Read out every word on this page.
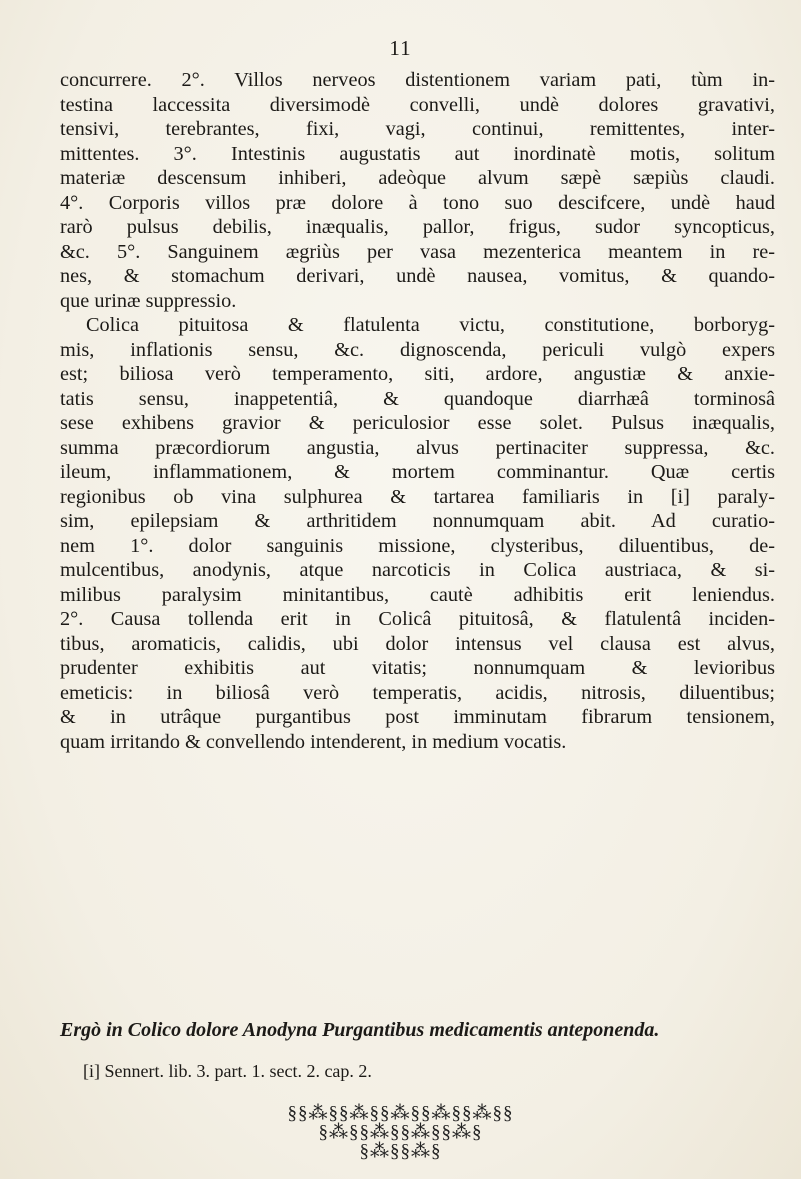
11
concurrere. 2°. Villos nerveos distentionem variam pati, tùm in-
testina laccessita diversimodè convelli, undè dolores gravativi,
tensivi, terebrantes, fixi, vagi, continui, remittentes, inter-
mittentes. 3°. Intestinis augustatis aut inordinatè motis, solitum
materiæ descensum inhiberi, adeòque alvum sæpè sæpiùs claudi.
4°. Corporis villos præ dolore à tono suo descifcere, undè haud
rarò pulsus debilis, inæqualis, pallor, frigus, sudor syncopticus,
&c. 5°. Sanguinem ægriùs per vasa mezenterica meantem in re-
nes, & stomachum derivari, undè nausea, vomitus, & quando-
que urinæ suppressio.
Colica pituitosa & flatulenta victu, constitutione, borboryg-
mis, inflationis sensu, &c. dignoscenda, periculi vulgò expers
est; biliosa verò temperamento, siti, ardore, angustiæ & anxie-
tatis sensu, inappetentiâ, & quandoque diarrhæâ torminosâ
sese exhibens gravior & periculosior esse solet. Pulsus inæqualis,
summa præcordiorum angustia, alvus pertinaciter suppressa, &c.
ileum, inflammationem, & mortem comminantur. Quæ certis
regionibus ob vina sulphurea & tartarea familiaris in [i] paraly-
sim, epilepsiam & arthritidem nonnumquam abit. Ad curatio-
nem 1°. dolor sanguinis missione, clysteribus, diluentibus, de-
mulcentibus, anodynis, atque narcoticis in Colica austriaca, & si-
milibus paralysim minitantibus, cautè adhibitis erit leniendus.
2°. Causa tollenda erit in Colicâ pituitosâ, & flatulentâ inciden-
tibus, aromaticis, calidis, ubi dolor intensus vel clausa est alvus,
prudenter exhibitis aut vitatis; nonnumquam & levioribus
emeticis: in biliosâ verò temperatis, acidis, nitrosis, diluentibus;
& in utrâque purgantibus post imminutam fibrarum tensionem,
quam irritando & convellendo intenderent, in medium vocatis.
Ergò in Colico dolore Anodyna Purgantibus medicamentis anteponenda.
[i] Sennert. lib. 3. part. 1. sect. 2. cap. 2.
§§⁂§§⁂§§⁂§§⁂§§⁂§§
§⁂§§⁂§§⁂§§⁂§
§⁂§§⁂§
